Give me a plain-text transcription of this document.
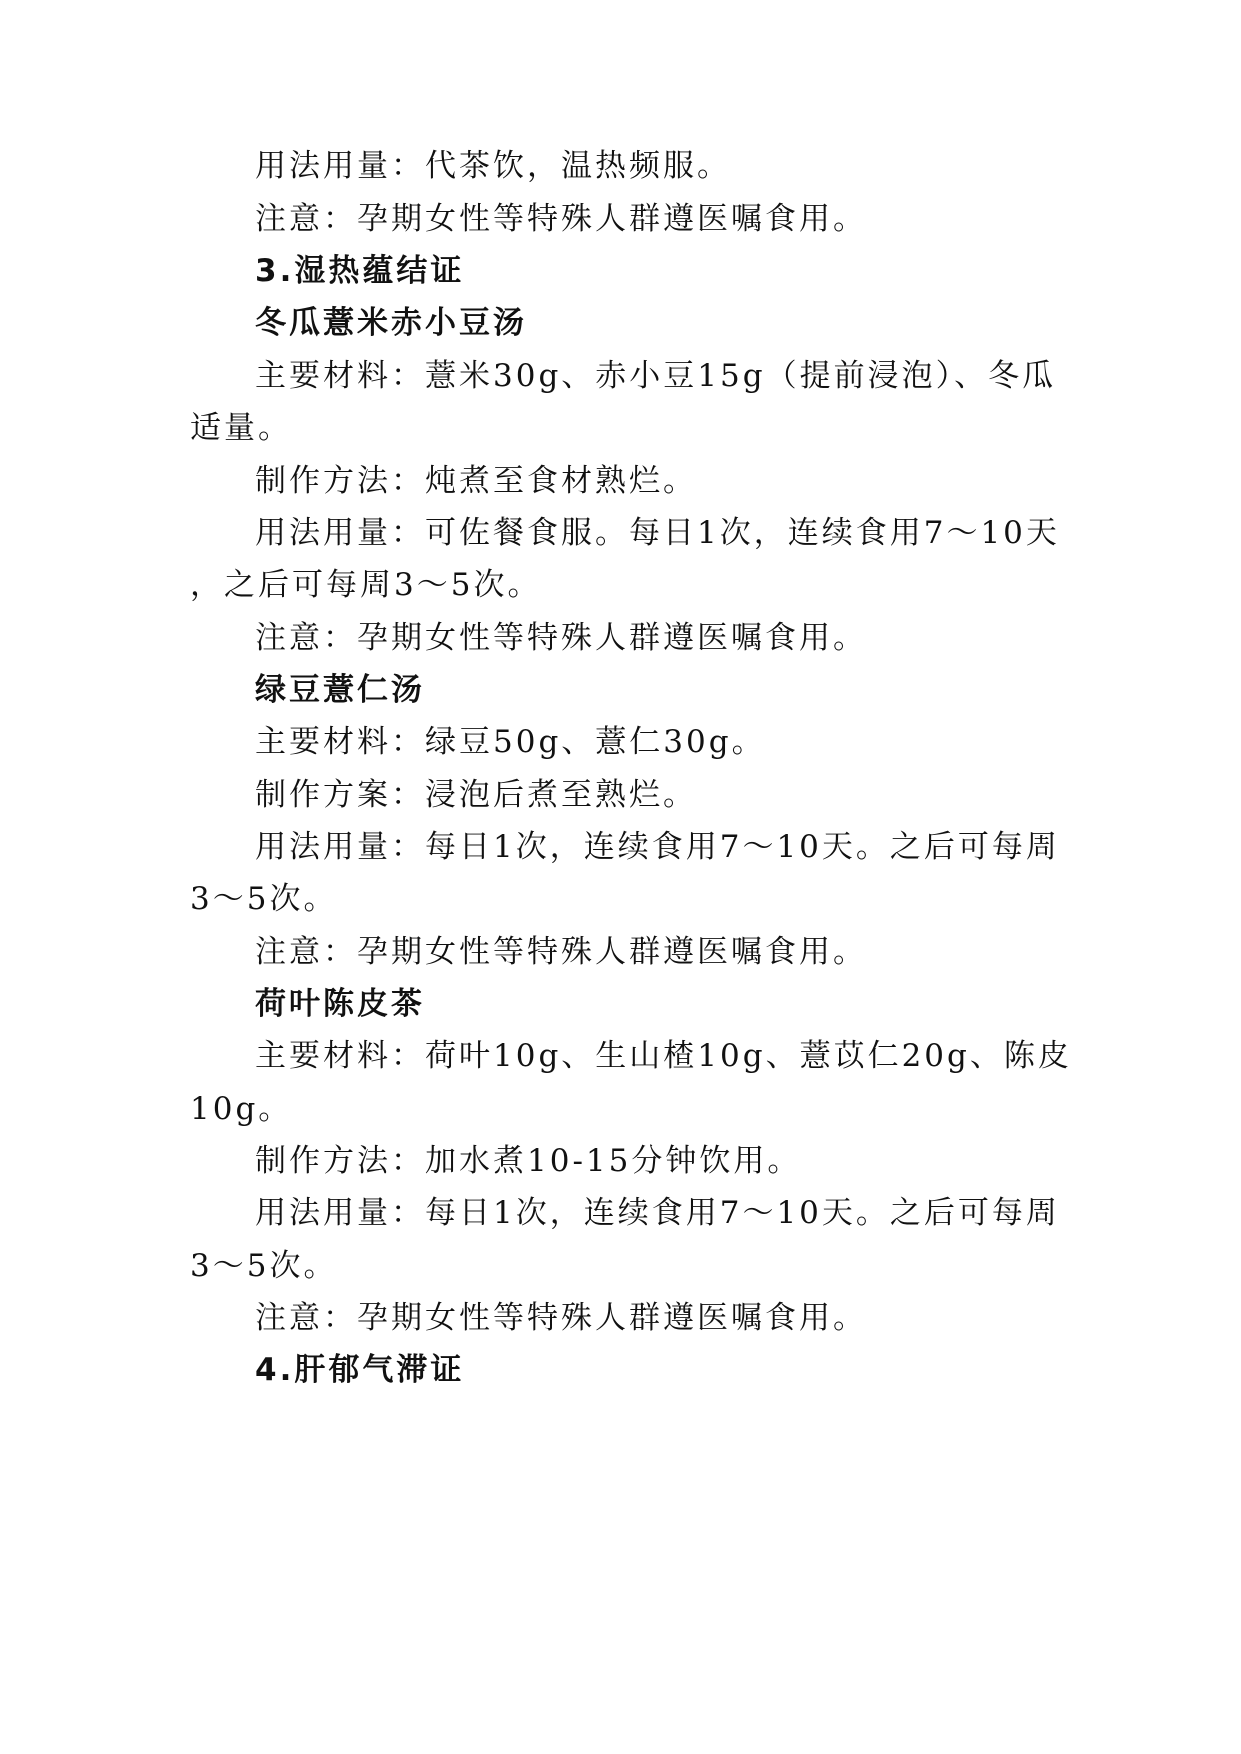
用法用量：代茶饮，温热频服。
注意：孕期女性等特殊人群遵医嘱食用。
3.湿热蕴结证
冬瓜薏米赤小豆汤
主要材料：薏米30g、赤小豆15g（提前浸泡）、冬瓜
适量。
制作方法：炖煮至食材熟烂。
用法用量：可佐餐食服。每日1次，连续食用7～10天
，之后可每周3～5次。
注意：孕期女性等特殊人群遵医嘱食用。
绿豆薏仁汤
主要材料：绿豆50g、薏仁30g。
制作方案：浸泡后煮至熟烂。
用法用量：每日1次，连续食用7～10天。之后可每周
3～5次。
注意：孕期女性等特殊人群遵医嘱食用。
荷叶陈皮茶
主要材料：荷叶10g、生山楂10g、薏苡仁20g、陈皮
10g。
制作方法：加水煮10-15分钟饮用。
用法用量：每日1次，连续食用7～10天。之后可每周
3～5次。
注意：孕期女性等特殊人群遵医嘱食用。
4.肝郁气滞证
